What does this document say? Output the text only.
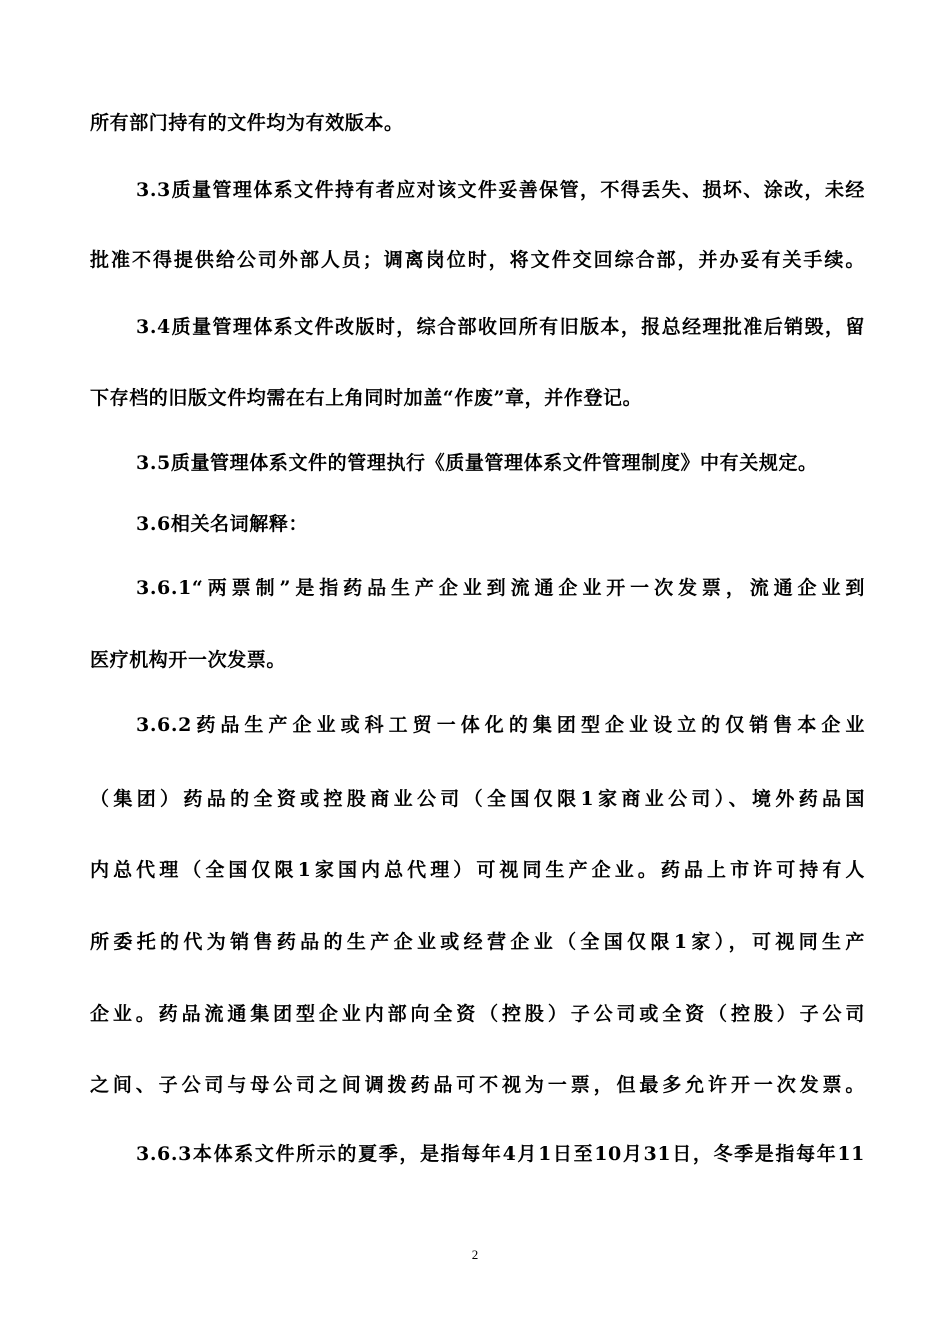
所有部门持有的文件均为有效版本。
3.3质量管理体系文件持有者应对该文件妥善保管，不得丢失、损坏、涂改，未经
批准不得提供给公司外部人员；调离岗位时，将文件交回综合部，并办妥有关手续。
3.4质量管理体系文件改版时，综合部收回所有旧版本，报总经理批准后销毁，留
下存档的旧版文件均需在右上角同时加盖“作废”章，并作登记。
3.5质量管理体系文件的管理执行《质量管理体系文件管理制度》中有关规定。
3.6相关名词解释：
3.6.1“两票制”是指药品生产企业到流通企业开一次发票，流通企业到
医疗机构开一次发票。
3.6.2药品生产企业或科工贸一体化的集团型企业设立的仅销售本企业
（集团）药品的全资或控股商业公司（全国仅限1家商业公司）、境外药品国
内总代理（全国仅限1家国内总代理）可视同生产企业。药品上市许可持有人
所委托的代为销售药品的生产企业或经营企业（全国仅限1家），可视同生产
企业。药品流通集团型企业内部向全资（控股）子公司或全资（控股）子公司
之间、子公司与母公司之间调拨药品可不视为一票，但最多允许开一次发票。
3.6.3本体系文件所示的夏季，是指每年4月1日至10月31日，冬季是指每年11
2
